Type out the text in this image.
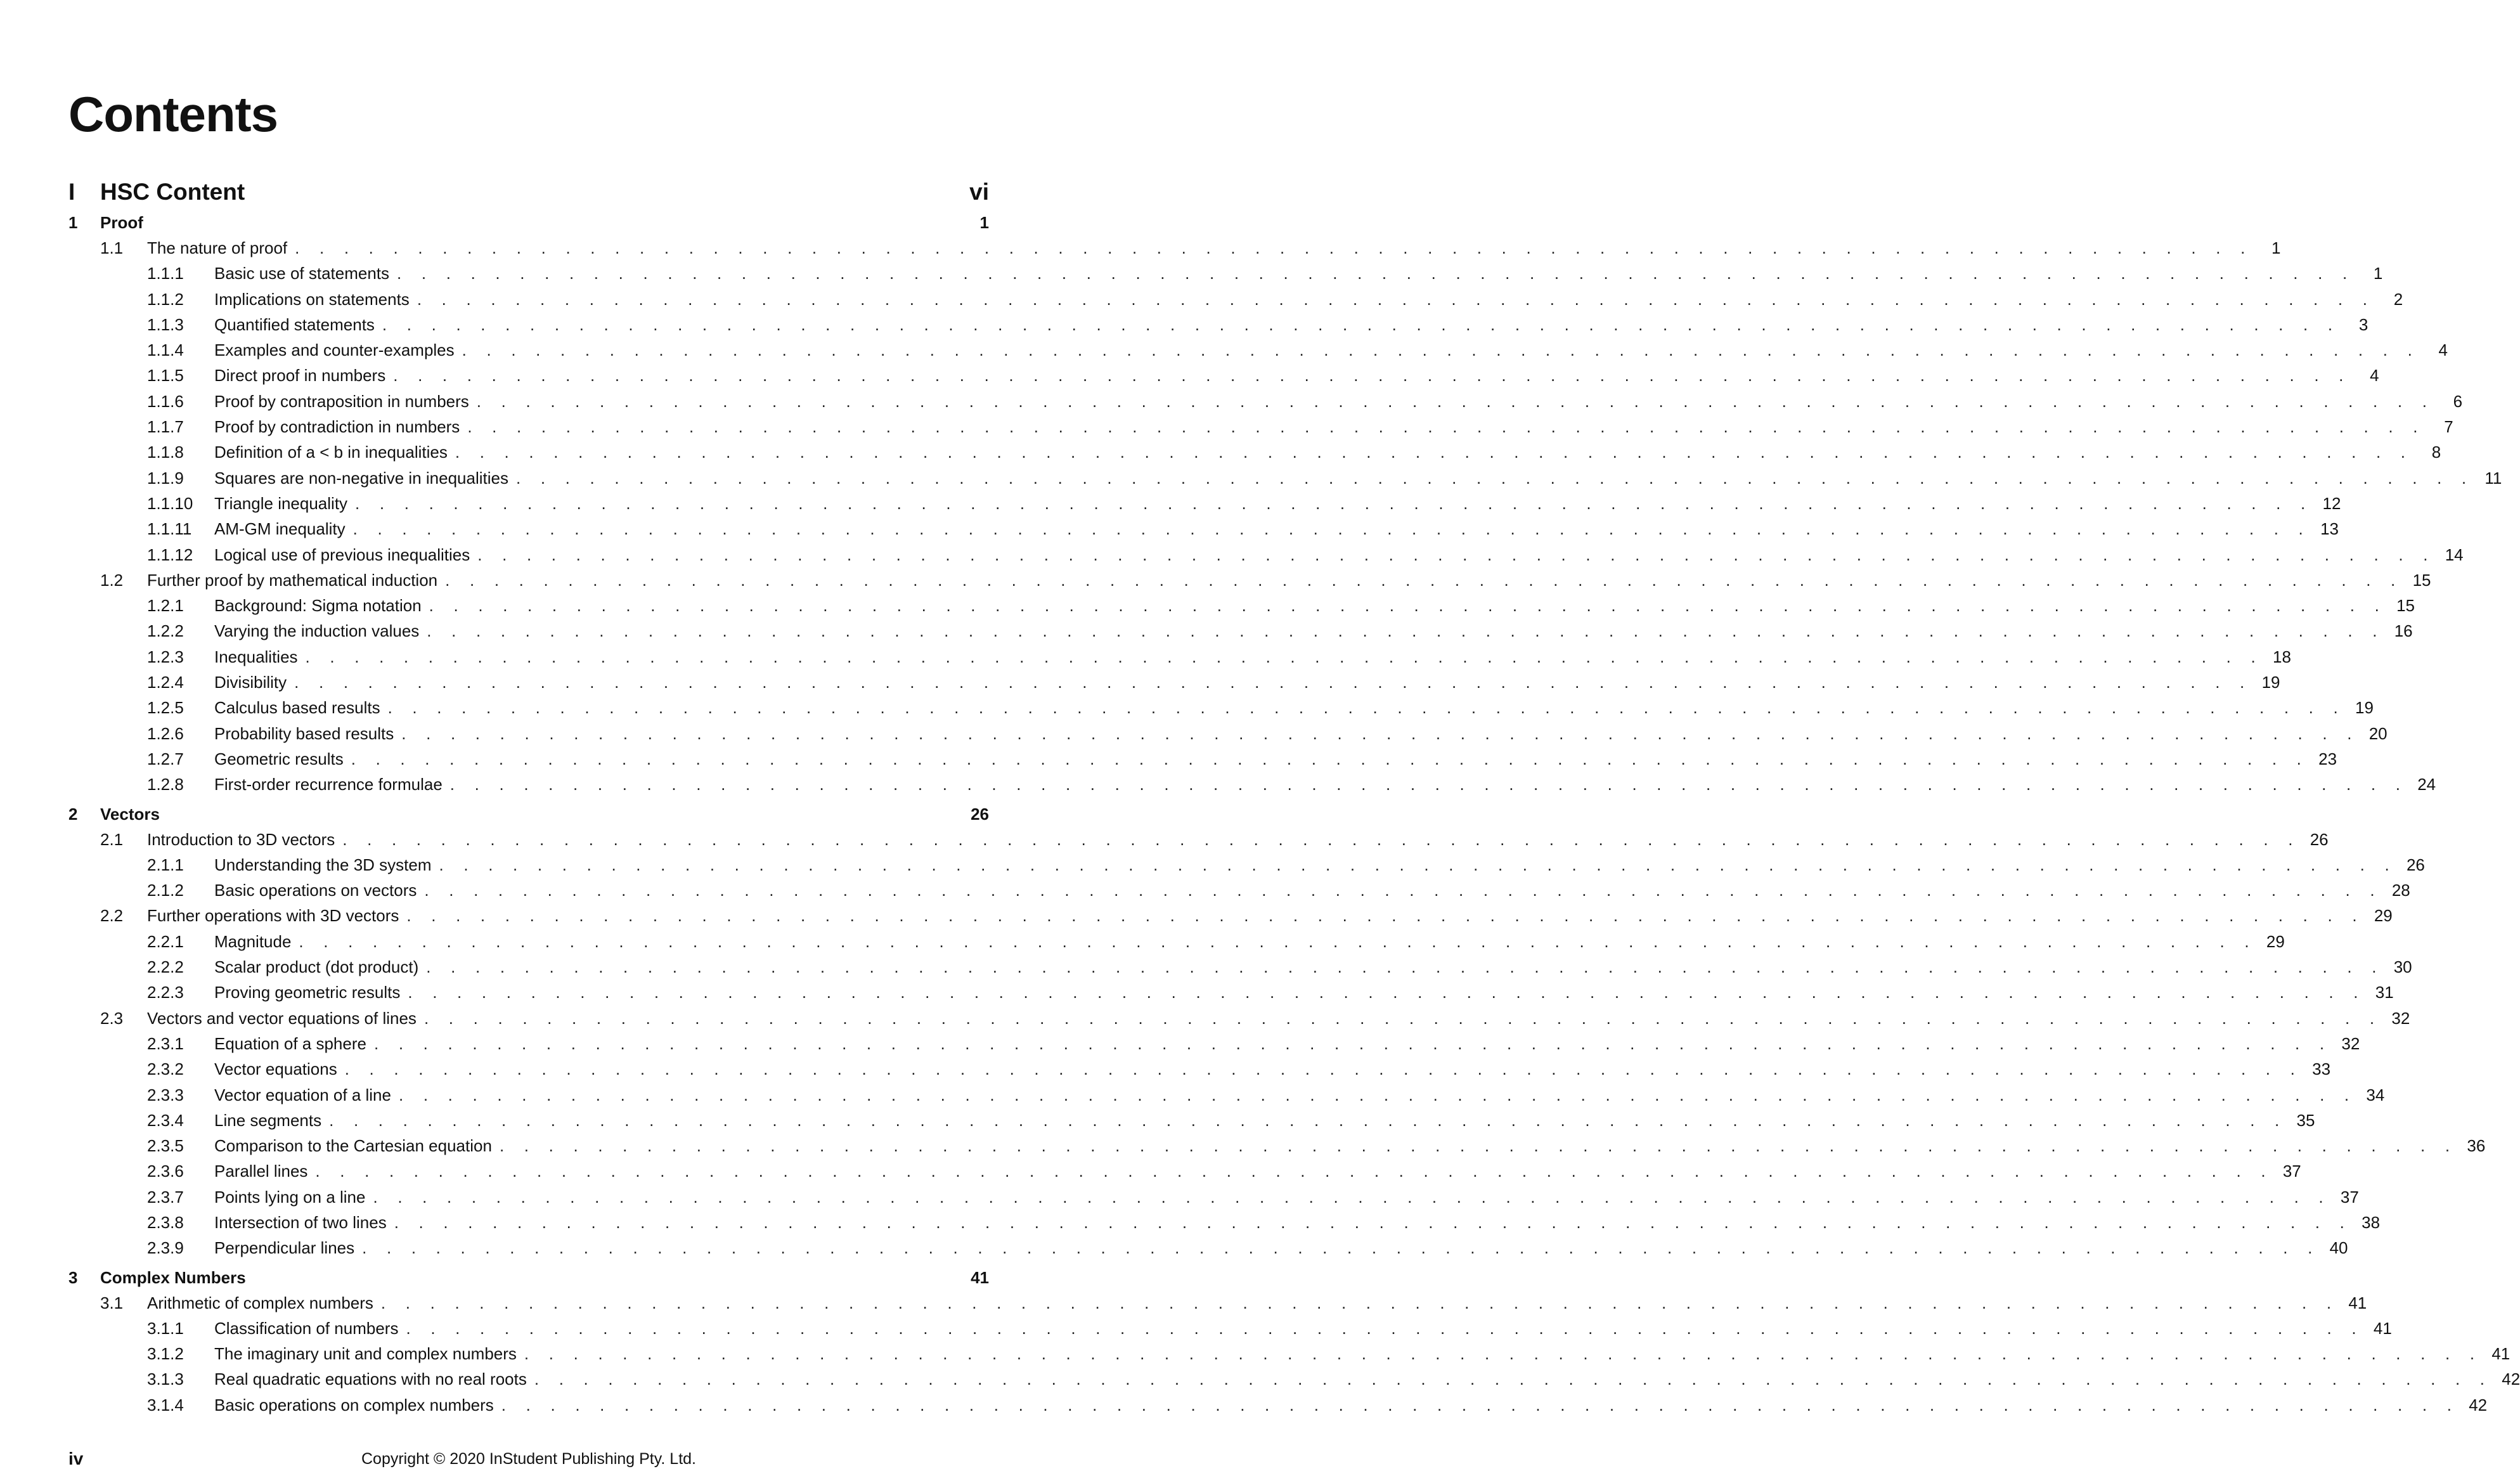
Contents
I	HSC Content	vi
1	Proof	1
1.1	The nature of proof . . . . . . . . . . . . . . . . . . . . . . . . . . . . . . . . . . . . . . . . . . . . . . . . . . . . . . . . . . . . . . . . . . . . . . . . . . . . . . . .	1
1.1.1	Basic use of statements . . . . . . . . . . . . . . . . . . . . . . . . . . . . . . . . . . . . . . . . . . . . . . . . . . . . . . . . . . . . . . . . . . . . . . . . . . . . . . . .	1
1.1.2	Implications on statements . . . . . . . . . . . . . . . . . . . . . . . . . . . . . . . . . . . . . . . . . . . . . . . . . . . . . . . . . . . . . . . . . . . . . . . . . . . . . . . .	2
1.1.3	Quantified statements . . . . . . . . . . . . . . . . . . . . . . . . . . . . . . . . . . . . . . . . . . . . . . . . . . . . . . . . . . . . . . . . . . . . . . . . . . . . . . . .	3
1.1.4	Examples and counter-examples . . . . . . . . . . . . . . . . . . . . . . . . . . . . . . . . . . . . . . . . . . . . . . . . . . . . . . . . . . . . . . . . . . . . . . . . . . . . . . . .	4
1.1.5	Direct proof in numbers . . . . . . . . . . . . . . . . . . . . . . . . . . . . . . . . . . . . . . . . . . . . . . . . . . . . . . . . . . . . . . . . . . . . . . . . . . . . . . . .	4
1.1.6	Proof by contraposition in numbers . . . . . . . . . . . . . . . . . . . . . . . . . . . . . . . . . . . . . . . . . . . . . . . . . . . . . . . . . . . . . . . . . . . . . . . . . . . . . . . .	6
1.1.7	Proof by contradiction in numbers . . . . . . . . . . . . . . . . . . . . . . . . . . . . . . . . . . . . . . . . . . . . . . . . . . . . . . . . . . . . . . . . . . . . . . . . . . . . . . . .	7
1.1.8	Definition of a < b in inequalities . . . . . . . . . . . . . . . . . . . . . . . . . . . . . . . . . . . . . . . . . . . . . . . . . . . . . . . . . . . . . . . . . . . . . . . . . . . . . . . .	8
1.1.9	Squares are non-negative in inequalities . . . . . . . . . . . . . . . . . . . . . . . . . . . . . . . . . . . . . . . . . . . . . . . . . . . . . . . . . . . . . . . . . . . . . . . . . . . . . . . . 11
1.1.10	Triangle inequality . . . . . . . . . . . . . . . . . . . . . . . . . . . . . . . . . . . . . . . . . . . . . . . . . . . . . . . . . . . . . . . . . . . . . . . . . . . . . . . . 12
1.1.11	AM-GM inequality . . . . . . . . . . . . . . . . . . . . . . . . . . . . . . . . . . . . . . . . . . . . . . . . . . . . . . . . . . . . . . . . . . . . . . . . . . . . . . . . 13
1.1.12	Logical use of previous inequalities . . . . . . . . . . . . . . . . . . . . . . . . . . . . . . . . . . . . . . . . . . . . . . . . . . . . . . . . . . . . . . . . . . . . . . . . . . . . . . . . 14
1.2	Further proof by mathematical induction . . . . . . . . . . . . . . . . . . . . . . . . . . . . . . . . . . . . . . . . . . . . . . . . . . . . . . . . . . . . . . . . . . . . . . . . . . . . . . . . 15
1.2.1	Background: Sigma notation . . . . . . . . . . . . . . . . . . . . . . . . . . . . . . . . . . . . . . . . . . . . . . . . . . . . . . . . . . . . . . . . . . . . . . . . . . . . . . . . 15
1.2.2	Varying the induction values . . . . . . . . . . . . . . . . . . . . . . . . . . . . . . . . . . . . . . . . . . . . . . . . . . . . . . . . . . . . . . . . . . . . . . . . . . . . . . . . 16
1.2.3	Inequalities . . . . . . . . . . . . . . . . . . . . . . . . . . . . . . . . . . . . . . . . . . . . . . . . . . . . . . . . . . . . . . . . . . . . . . . . . . . . . . . . 18
1.2.4	Divisibility . . . . . . . . . . . . . . . . . . . . . . . . . . . . . . . . . . . . . . . . . . . . . . . . . . . . . . . . . . . . . . . . . . . . . . . . . . . . . . . . 19
1.2.5	Calculus based results . . . . . . . . . . . . . . . . . . . . . . . . . . . . . . . . . . . . . . . . . . . . . . . . . . . . . . . . . . . . . . . . . . . . . . . . . . . . . . . . 19
1.2.6	Probability based results . . . . . . . . . . . . . . . . . . . . . . . . . . . . . . . . . . . . . . . . . . . . . . . . . . . . . . . . . . . . . . . . . . . . . . . . . . . . . . . . 20
1.2.7	Geometric results . . . . . . . . . . . . . . . . . . . . . . . . . . . . . . . . . . . . . . . . . . . . . . . . . . . . . . . . . . . . . . . . . . . . . . . . . . . . . . . . 23
1.2.8	First-order recurrence formulae . . . . . . . . . . . . . . . . . . . . . . . . . . . . . . . . . . . . . . . . . . . . . . . . . . . . . . . . . . . . . . . . . . . . . . . . . . . . . . . . 24
2	Vectors	26
2.1	Introduction to 3D vectors . . . . . . . . . . . . . . . . . . . . . . . . . . . . . . . . . . . . . . . . . . . . . . . . . . . . . . . . . . . . . . . . . . . . . . . . . . . . . . . . 26
2.1.1	Understanding the 3D system . . . . . . . . . . . . . . . . . . . . . . . . . . . . . . . . . . . . . . . . . . . . . . . . . . . . . . . . . . . . . . . . . . . . . . . . . . . . . . . . 26
2.1.2	Basic operations on vectors . . . . . . . . . . . . . . . . . . . . . . . . . . . . . . . . . . . . . . . . . . . . . . . . . . . . . . . . . . . . . . . . . . . . . . . . . . . . . . . . 28
2.2	Further operations with 3D vectors . . . . . . . . . . . . . . . . . . . . . . . . . . . . . . . . . . . . . . . . . . . . . . . . . . . . . . . . . . . . . . . . . . . . . . . . . . . . . . . . 29
2.2.1	Magnitude . . . . . . . . . . . . . . . . . . . . . . . . . . . . . . . . . . . . . . . . . . . . . . . . . . . . . . . . . . . . . . . . . . . . . . . . . . . . . . . . 29
2.2.2	Scalar product (dot product) . . . . . . . . . . . . . . . . . . . . . . . . . . . . . . . . . . . . . . . . . . . . . . . . . . . . . . . . . . . . . . . . . . . . . . . . . . . . . . . . 30
2.2.3	Proving geometric results . . . . . . . . . . . . . . . . . . . . . . . . . . . . . . . . . . . . . . . . . . . . . . . . . . . . . . . . . . . . . . . . . . . . . . . . . . . . . . . . 31
2.3	Vectors and vector equations of lines . . . . . . . . . . . . . . . . . . . . . . . . . . . . . . . . . . . . . . . . . . . . . . . . . . . . . . . . . . . . . . . . . . . . . . . . . . . . . . . . 32
2.3.1	Equation of a sphere . . . . . . . . . . . . . . . . . . . . . . . . . . . . . . . . . . . . . . . . . . . . . . . . . . . . . . . . . . . . . . . . . . . . . . . . . . . . . . . . 32
2.3.2	Vector equations . . . . . . . . . . . . . . . . . . . . . . . . . . . . . . . . . . . . . . . . . . . . . . . . . . . . . . . . . . . . . . . . . . . . . . . . . . . . . . . . 33
2.3.3	Vector equation of a line . . . . . . . . . . . . . . . . . . . . . . . . . . . . . . . . . . . . . . . . . . . . . . . . . . . . . . . . . . . . . . . . . . . . . . . . . . . . . . . . 34
2.3.4	Line segments . . . . . . . . . . . . . . . . . . . . . . . . . . . . . . . . . . . . . . . . . . . . . . . . . . . . . . . . . . . . . . . . . . . . . . . . . . . . . . . . 35
2.3.5	Comparison to the Cartesian equation . . . . . . . . . . . . . . . . . . . . . . . . . . . . . . . . . . . . . . . . . . . . . . . . . . . . . . . . . . . . . . . . . . . . . . . . . . . . . . . . 36
2.3.6	Parallel lines . . . . . . . . . . . . . . . . . . . . . . . . . . . . . . . . . . . . . . . . . . . . . . . . . . . . . . . . . . . . . . . . . . . . . . . . . . . . . . . . 37
2.3.7	Points lying on a line . . . . . . . . . . . . . . . . . . . . . . . . . . . . . . . . . . . . . . . . . . . . . . . . . . . . . . . . . . . . . . . . . . . . . . . . . . . . . . . . 37
2.3.8	Intersection of two lines . . . . . . . . . . . . . . . . . . . . . . . . . . . . . . . . . . . . . . . . . . . . . . . . . . . . . . . . . . . . . . . . . . . . . . . . . . . . . . . . 38
2.3.9	Perpendicular lines . . . . . . . . . . . . . . . . . . . . . . . . . . . . . . . . . . . . . . . . . . . . . . . . . . . . . . . . . . . . . . . . . . . . . . . . . . . . . . . . 40
3	Complex Numbers	41
3.1	Arithmetic of complex numbers . . . . . . . . . . . . . . . . . . . . . . . . . . . . . . . . . . . . . . . . . . . . . . . . . . . . . . . . . . . . . . . . . . . . . . . . . . . . . . . . 41
3.1.1	Classification of numbers . . . . . . . . . . . . . . . . . . . . . . . . . . . . . . . . . . . . . . . . . . . . . . . . . . . . . . . . . . . . . . . . . . . . . . . . . . . . . . . . 41
3.1.2	The imaginary unit and complex numbers . . . . . . . . . . . . . . . . . . . . . . . . . . . . . . . . . . . . . . . . . . . . . . . . . . . . . . . . . . . . . . . . . . . . . . . . . . . . . . . . 41
3.1.3	Real quadratic equations with no real roots . . . . . . . . . . . . . . . . . . . . . . . . . . . . . . . . . . . . . . . . . . . . . . . . . . . . . . . . . . . . . . . . . . . . . . . . . . . . . . . . 42
3.1.4	Basic operations on complex numbers . . . . . . . . . . . . . . . . . . . . . . . . . . . . . . . . . . . . . . . . . . . . . . . . . . . . . . . . . . . . . . . . . . . . . . . . . . . . . . . . 42
iv	Copyright © 2020 InStudent Publishing Pty. Ltd.
